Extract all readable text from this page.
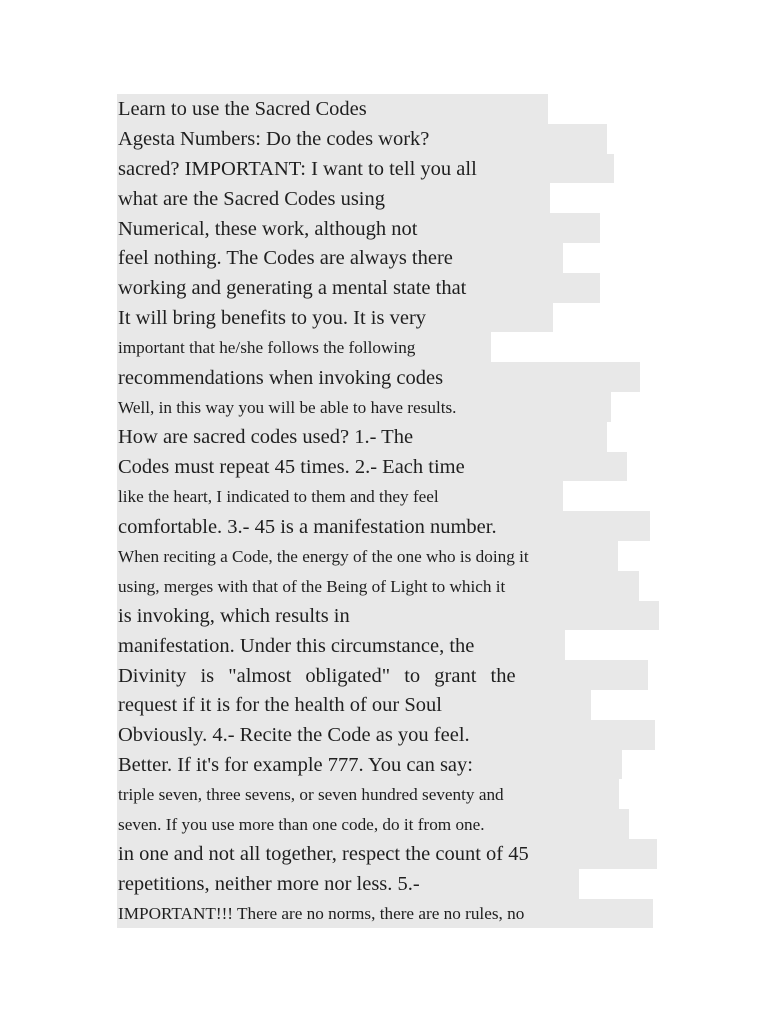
Learn to use the Sacred Codes
Agesta Numbers: Do the codes work?
sacred? IMPORTANT: I want to tell you all
what are the Sacred Codes using
Numerical, these work, although not
feel nothing. The Codes are always there
working and generating a mental state that
It will bring benefits to you. It is very
important that he/she follows the following
recommendations when invoking codes
Well, in this way you will be able to have results.
How are sacred codes used? 1.- The
Codes must repeat 45 times. 2.- Each time
like the heart, I indicated to them and they feel
comfortable. 3.- 45 is a manifestation number.
When reciting a Code, the energy of the one who is doing it
using, merges with that of the Being of Light to which it
is invoking, which results in
manifestation. Under this circumstance, the
Divinity is "almost obligated" to grant the
request if it is for the health of our Soul
Obviously. 4.- Recite the Code as you feel.
Better. If it's for example 777. You can say:
triple seven, three sevens, or seven hundred seventy and
seven. If you use more than one code, do it from one.
in one and not all together, respect the count of 45
repetitions, neither more nor less. 5.-
IMPORTANT!!! There are no norms, there are no rules, no
